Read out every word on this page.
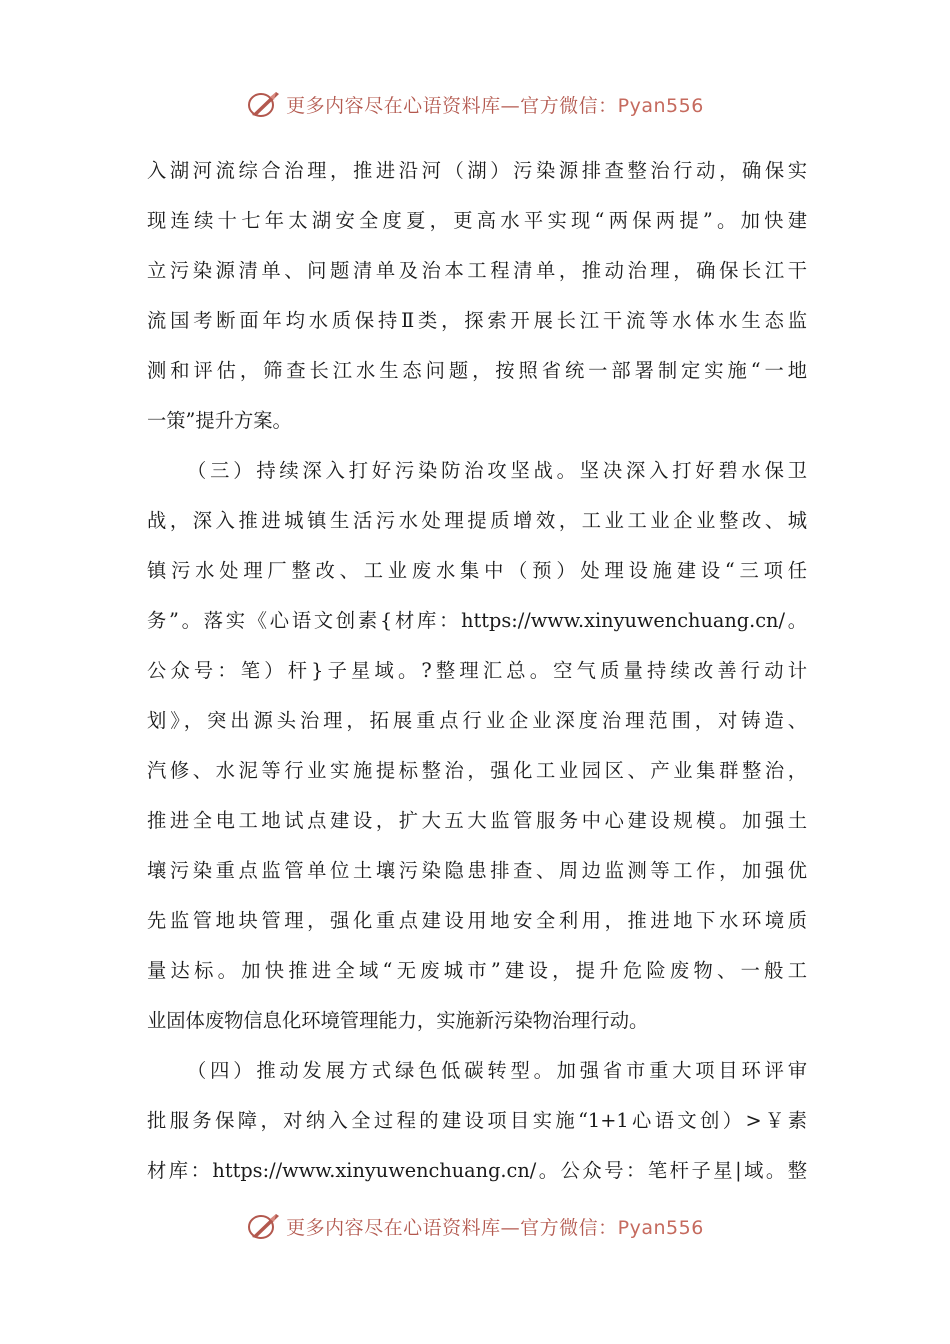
更多内容尽在心语资料库—官方微信：Pyan556
入湖河流综合治理，推进沿河（湖）污染源排查整治行动，确保实
现连续十七年太湖安全度夏，更高水平实现“两保两提”。加快建
立污染源清单、问题清单及治本工程清单，推动治理，确保长江干
流国考断面年均水质保持Ⅱ类，探索开展长江干流等水体水生态监
测和评估，筛查长江水生态问题，按照省统一部署制定实施“一地
一策”提升方案。
（三）持续深入打好污染防治攻坚战。坚决深入打好碧水保卫
战，深入推进城镇生活污水处理提质增效，工业工业企业整改、城
镇污水处理厂整改、工业废水集中（预）处理设施建设“三项任
务”。落实《心语文创素{材库：https://www.xinyuwenchuang.cn/。
公众号：笔）杆}子星域。?整理汇总。空气质量持续改善行动计
划》，突出源头治理，拓展重点行业企业深度治理范围，对铸造、
汽修、水泥等行业实施提标整治，强化工业园区、产业集群整治，
推进全电工地试点建设，扩大五大监管服务中心建设规模。加强土
壤污染重点监管单位土壤污染隐患排查、周边监测等工作，加强优
先监管地块管理，强化重点建设用地安全利用，推进地下水环境质
量达标。加快推进全域“无废城市”建设，提升危险废物、一般工
业固体废物信息化环境管理能力，实施新污染物治理行动。
（四）推动发展方式绿色低碳转型。加强省市重大项目环评审
批服务保障，对纳入全过程的建设项目实施“1+1心语文创）>￥素
材库：https://www.xinyuwenchuang.cn/。公众号：笔杆子星|域。整
更多内容尽在心语资料库—官方微信：Pyan556
